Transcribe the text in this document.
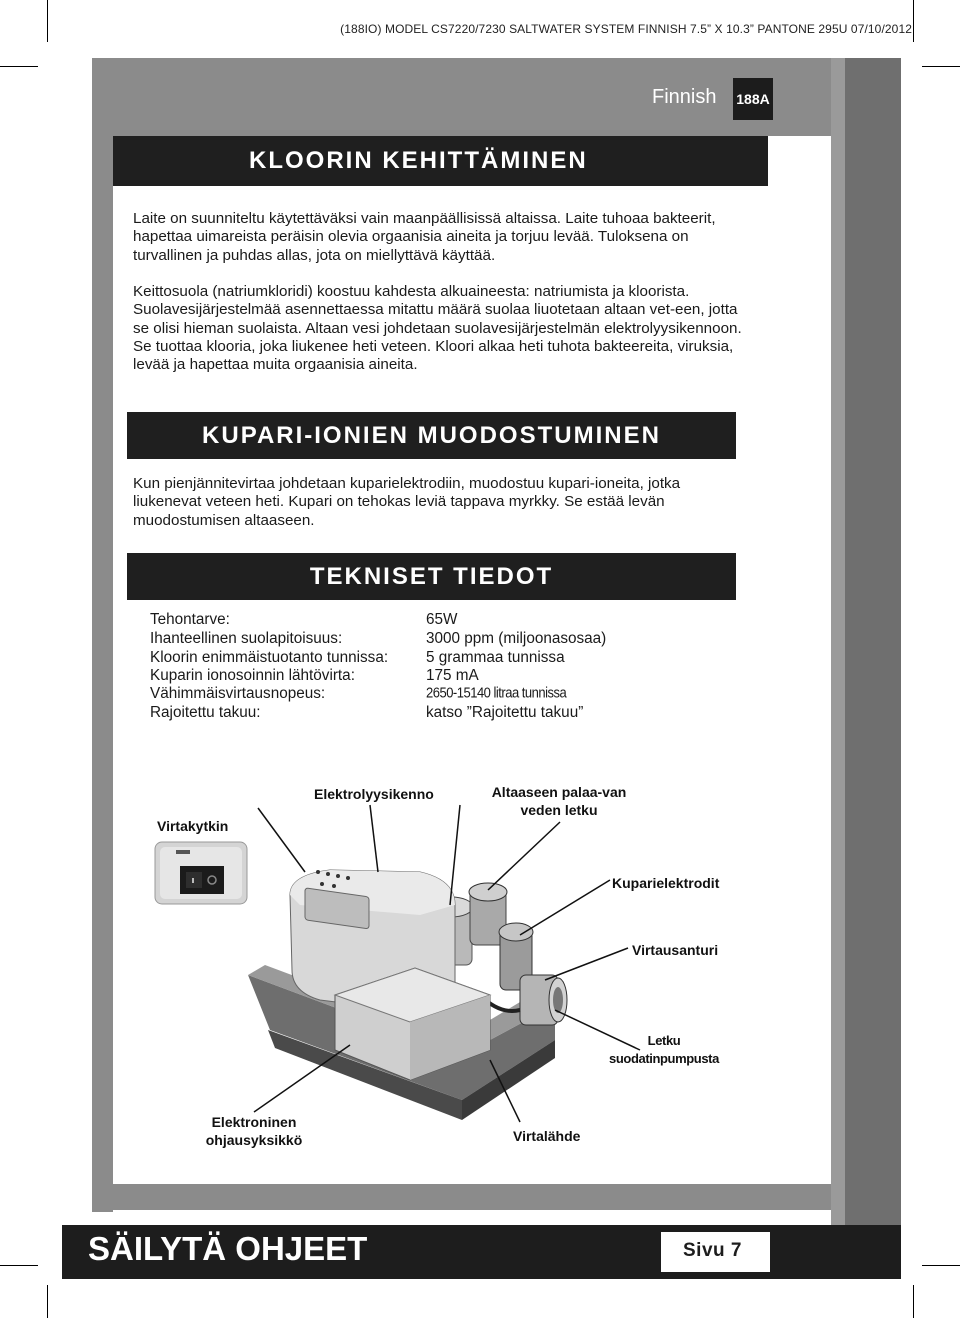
(188IO) MODEL CS7220/7230 SALTWATER SYSTEM FINNISH 7.5” X 10.3” PANTONE 295U 07/10/2012
Finnish 188A
KLOORIN KEHITTÄMINEN
Laite on suunniteltu käytettäväksi vain maanpäällisissä altaissa. Laite tuhoaa bakteerit, hapettaa uimareista peräisin olevia orgaanisia aineita ja torjuu levää. Tuloksena on turvallinen ja puhdas allas, jota on miellyttävä käyttää.
Keittosuola (natriumkloridi) koostuu kahdesta alkuaineesta: natriumista ja kloorista. Suolavesijärjestelmää asennettaessa mitattu määrä suolaa liuotetaan altaan vet-een, jotta se olisi hieman suolaista. Altaan vesi johdetaan suolavesijärjestelmän elektrolyysikennoon. Se tuottaa klooria, joka liukenee heti veteen. Kloori alkaa heti tuhota bakteereita, viruksia, levää ja hapettaa muita orgaanisia aineita.
KUPARI-IONIEN MUODOSTUMINEN
Kun pienjännitevirtaa johdetaan kuparielektrodiin, muodostuu kupari-ioneita, jotka liukenevat veteen heti. Kupari on tehokas leviä tappava myrkky. Se estää levän muodostumisen altaaseen.
TEKNISET TIEDOT
Tehontarve:	65W
Ihanteellinen suolapitoisuus:	3000 ppm (miljoonasosaa)
Kloorin enimmäistuotanto tunnissa: 5 grammaa tunnissa
Kuparin ionosoinnin lähtövirta:	175 mA
Vähimmäisvirtausnopeus:	2650-15140 litraa tunnissa
Rajoitettu takuu:	katso ”Rajoitettu takuu”
Virtakytkin
Elektrolyysikenno	Altaaseen palaa-van veden letku
Kuparielektrodit
Virtausanturi
Letku suodatinpumpusta
Elektroninen ohjausyksikkö	Virtalähde
SÄILYTÄ OHJEET	Sivu 7
